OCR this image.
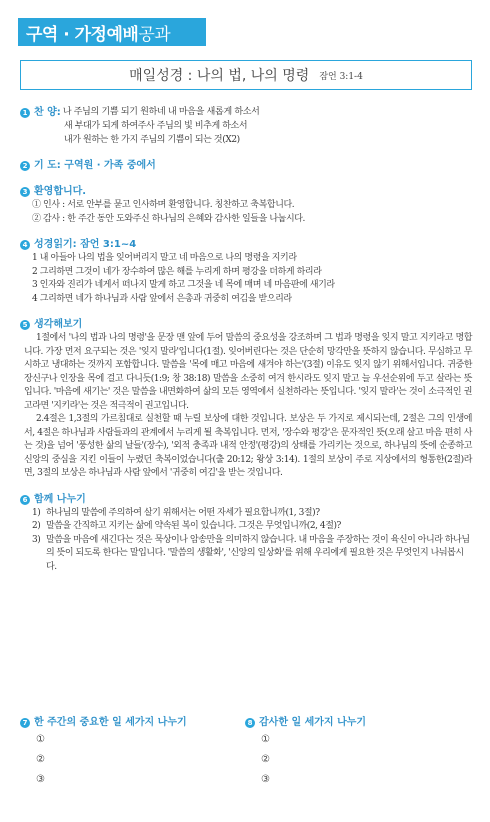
구역 · 가정예배 공과
매일성경 : 나의 법, 나의 명령 잠언 3:1-4
1 찬 양: 나 주님의 기쁨 되기 원하네 내 마음을 새롭게 하소서
새 부대가 되게 하여주사 주님의 빛 비추게 하소서
내가 원하는 한 가지 주님의 기쁨이 되는 것(X2)
2 기 도: 구역원 · 가족 중에서
3 환영합니다.
① 인사 : 서로 안부를 묻고 인사하며 환영합니다. 칭찬하고 축복합니다.
② 감사 : 한 주간 동안 도와주신 하나님의 은혜와 감사한 일들을 나눕시다.
4 성경읽기: 잠언 3:1~4
1 내 아들아 나의 법을 잊어버리지 말고 네 마음으로 나의 명령을 지키라
2 그리하면 그것이 네가 장수하여 많은 해를 누리게 하며 평강을 더하게 하리라
3 인자와 진리가 네게서 떠나지 말게 하고 그것을 네 목에 매며 네 마음판에 새기라
4 그리하면 네가 하나님과 사람 앞에서 은총과 귀중히 여김을 받으리라
5 생각해보기
1절에서 '나의 법과 나의 명령'을 문장 맨 앞에 두어 말씀의 중요성을 강조하며 그 법과 명령을 잊지 말고 지키라고 명합니다. 가장 먼저 요구되는 것은 '잊지 말라'입니다(1절). 잊어버린다는 것은 단순히 망각만을 뜻하지 않습니다. 무심하고 무시하고 냉대하는 것까지 포함합니다. 말씀을 '목에 매고 마음에 새겨야 하는'(3절) 이유도 잊지 않기 위해서입니다. 귀중한 장신구나 인장을 목에 걸고 다니듯(1:9; 창 38:18) 말씀을 소중히 여겨 한시라도 잊지 말고 늘 우선순위에 두고 살라는 뜻입니다. '마음에 새기는' 것은 말씀을 내면화하여 삶의 모든 영역에서 실천하라는 뜻입니다. '잊지 말라'는 것이 소극적인 권고라면 '지키라'는 것은 적극적이 권고입니다.
2.4절은 1,3절의 가르침대로 실천할 때 누릴 보상에 대한 것입니다. 보상은 두 가지로 제시되는데, 2절은 그의 인생에서, 4절은 하나님과 사람들과의 관계에서 누리게 될 축복입니다. 먼저, '장수와 평강'은 문자적인 뜻(오래 살고 마음 편히 사는 것)을 넘어 '풍성한 삶의 날들'(장수), '외적 충족과 내적 안정'(평강)의 상태를 가리키는 것으로, 하나님의 뜻에 순종하고 신앙의 중심을 지킨 이들이 누렸던 축복이었습니다(출 20:12; 왕상 3:14). 1절의 보상이 주로 지상에서의 형통한(2절)라면, 3절의 보상은 하나님과 사람 앞에서 '귀중히 여김'을 받는 것입니다.
6 함께 나누기
1) 하나님의 말씀에 주의하여 살기 위해서는 어떤 자세가 필요합니까(1, 3절)?
2) 말씀을 간직하고 지키는 삶에 약속된 복이 있습니다. 그것은 무엇입니까(2, 4절)?
3) 말씀을 마음에 새긴다는 것은 묵상이나 암송만을 의미하지 않습니다. 내 마음을 주장하는 것이 육신이 아니라 하나님의 뜻이 되도록 한다는 말입니다. '말씀의 생활화', '신앙의 일상화'를 위해 우리에게 필요한 것은 무엇인지 나눠봅시다.
7 한 주간의 중요한 일 세가지 나누기
①
②
③
8 감사한 일 세가지 나누기
①
②
③
